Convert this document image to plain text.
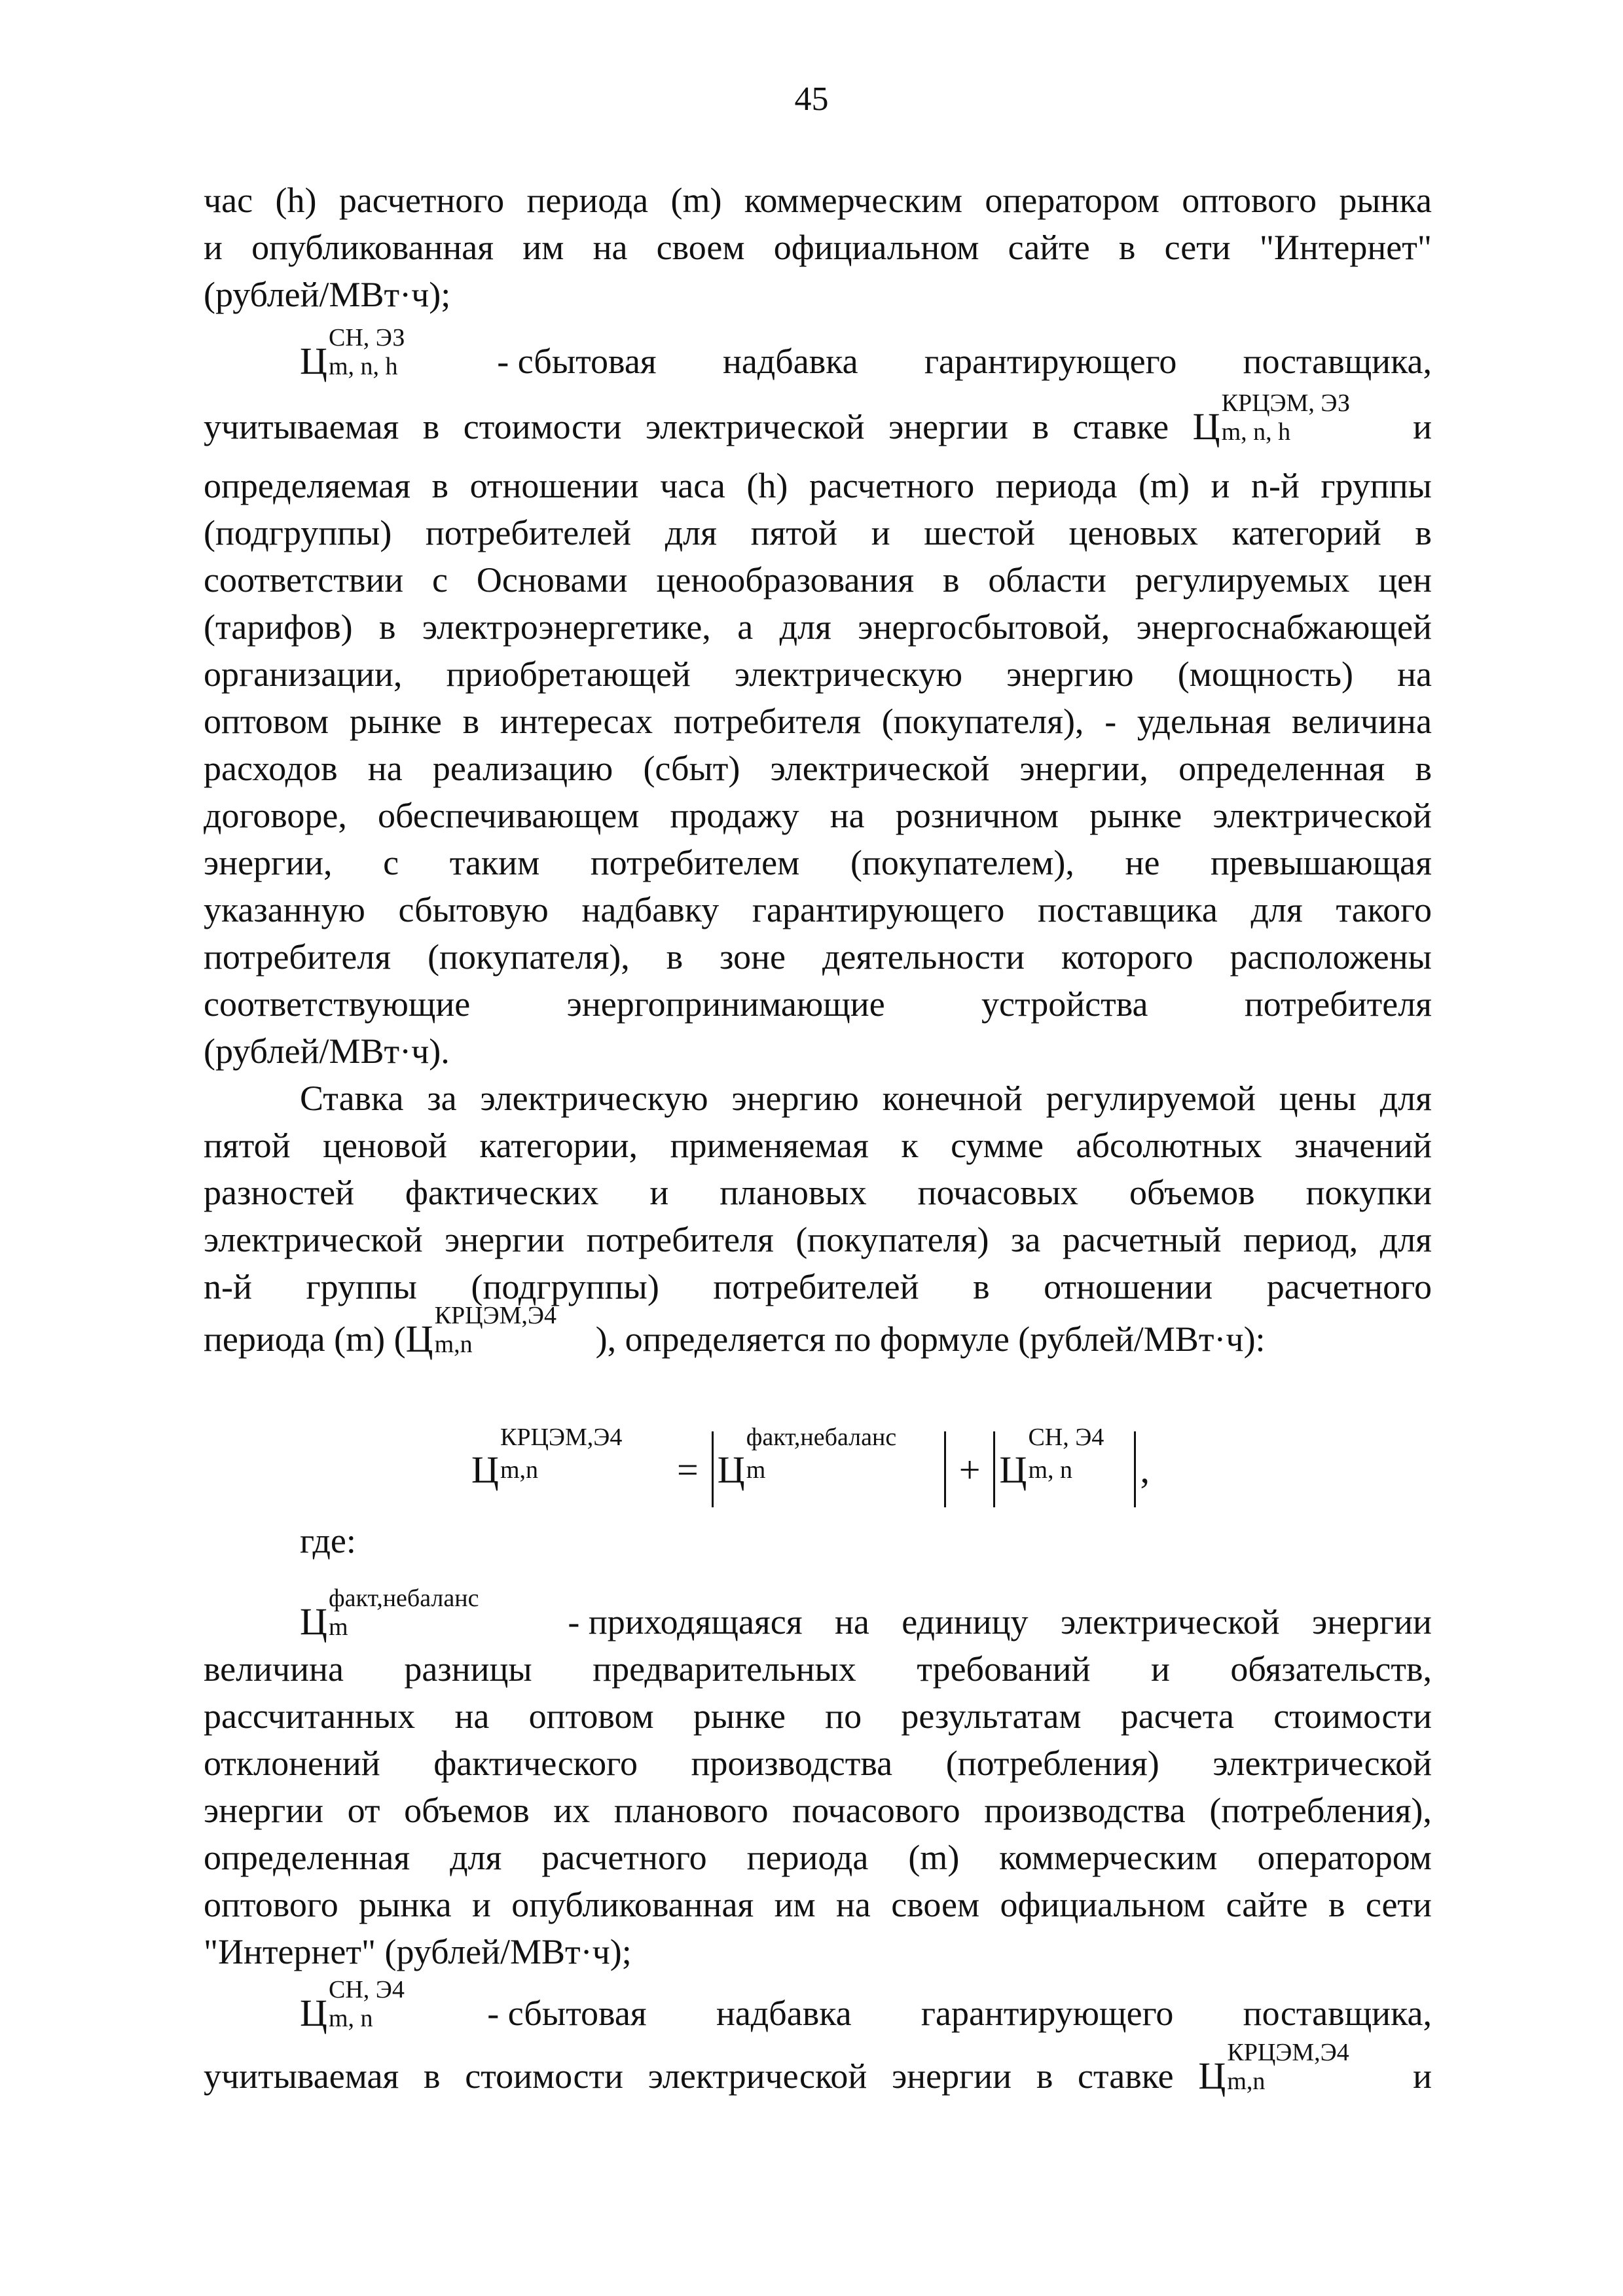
45
час (h) расчетного периода (m) коммерческим оператором оптового рынка
и опубликованная им на своем официальном сайте в сети "Интернет"
(рублей/МВт·ч);
Ц
СН, ЭЗ
m, n, h	- сбытовая надбавка гарантирующего поставщика,
учитываемая в стоимости электрической энергии в ставке Ц
КРЦЭМ, ЭЗ
m, n, h	и
определяемая в отношении часа (h) расчетного периода (m) и n-й группы
(подгруппы) потребителей для пятой и шестой ценовых категорий в
соответствии с Основами ценообразования в области регулируемых цен
(тарифов) в электроэнергетике, а для энергосбытовой, энергоснабжающей
организации, приобретающей электрическую энергию (мощность) на
оптовом рынке в интересах потребителя (покупателя), - удельная величина
расходов на реализацию (сбыт) электрической энергии, определенная в
договоре, обеспечивающем продажу на розничном рынке электрической
энергии, с таким потребителем (покупателем), не превышающая
указанную сбытовую надбавку гарантирующего поставщика для такого
потребителя (покупателя), в зоне деятельности которого расположены
соответствующие	энергопринимающие	устройства	потребителя
(рублей/МВт·ч).
Ставка за электрическую энергию конечной регулируемой цены для
пятой ценовой категории, применяемая к сумме абсолютных значений
разностей фактических и плановых почасовых объемов покупки
электрической энергии потребителя (покупателя) за расчетный период, для
n-й группы (подгруппы) потребителей в отношении расчетного
периода (m) ( Ц
КРЦЭМ,Э4
m,n	), определяется по формуле (рублей/МВт·ч):
Ц
КРЦЭМ,Э4
m,n	= Ц
факт,небаланс
m	+ Ц
СН, Э4
m, n ,
где:
Ц
факт,небаланс
m	- приходящаяся на единицу электрической энергии
величина разницы предварительных требований и обязательств,
рассчитанных на оптовом рынке по результатам расчета стоимости
отклонений фактического производства (потребления) электрической
энергии от объемов их планового почасового производства (потребления),
определенная для расчетного периода (m) коммерческим оператором
оптового рынка и опубликованная им на своем официальном сайте в сети
"Интернет" (рублей/МВт·ч);
Ц
СН, Э4
m, n	- сбытовая надбавка гарантирующего поставщика,
учитываемая в стоимости электрической энергии в ставке Ц
КРЦЭМ,Э4
m,n	и
